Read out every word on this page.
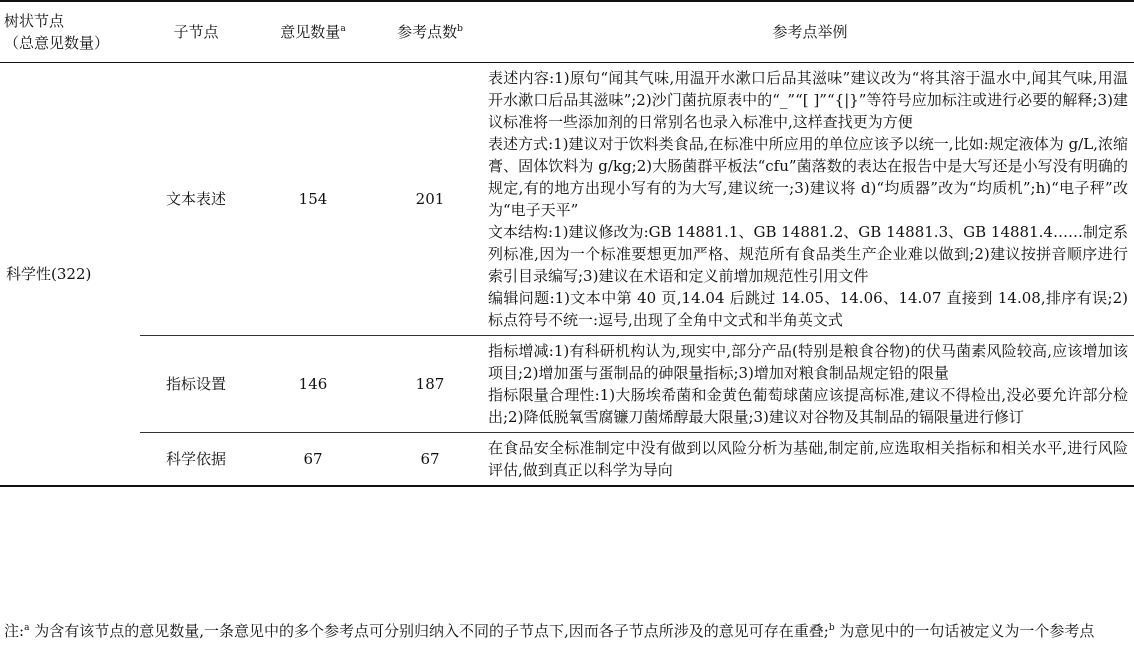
树状节点
（总意见数量）	子节点	意见数量$^a$	参考点数$^b$	参考点举例
科学性(322)	文本表述	154	201	表述内容:1)原句“闻其气味,用温开水漱口后品其滋味”建议改为“将其溶于温水中,闻其气味,用温开水漱口后品其滋味”;2)沙门菌抗原表中的“_”“[ ]”“{|}”等符号应加标注或进行必要的解释;3)建议标准将一些添加剂的日常别名也录入标准中,这样查找更为方便

表述方式:1)建议对于饮料类食品,在标准中所应用的单位应该予以统一,比如:规定液体为 g/L,浓缩膏、固体饮料为 g/kg;2)大肠菌群平板法“cfu”菌落数的表达在报告中是大写还是小写没有明确的规定,有的地方出现小写有的为大写,建议统一;3)建议将 d)“均质器”改为“均质机”;h)“电子秤”改为“电子天平”

文本结构:1)建议修改为:GB 14881.1、GB 14881.2、GB 14881.3、GB 14881.4……制定系列标准,因为一个标准要想更加严格、规范所有食品类生产企业难以做到;2)建议按拼音顺序进行索引目录编写;3)建议在术语和定义前增加规范性引用文件

编辑问题:1)文本中第 40 页,14.04 后跳过 14.05、14.06、14.07 直接到 14.08,排序有误;2)标点符号不统一:逗号,出现了全角中文式和半角英文式

	指标设置	146	187	指标增减:1)有科研机构认为,现实中,部分产品(特别是粮食谷物)的伏马菌素风险较高,应该增加该项目;2)增加蛋与蛋制品的砷限量指标;3)增加对粮食制品规定铅的限量

指标限量合理性:1)大肠埃希菌和金黄色葡萄球菌应该提高标准,建议不得检出,没必要允许部分检出;2)降低脱氧雪腐镰刀菌烯醇最大限量;3)建议对谷物及其制品的镉限量进行修订

	科学依据	67	67	在食品安全标准制定中没有做到以风险分析为基础,制定前,应选取相关指标和相关水平,进行风险评估,做到真正以科学为导向

注:$^a$ 为含有该节点的意见数量,一条意见中的多个参考点可分别归纳入不同的子节点下,因而各子节点所涉及的意见可存在重叠;$^b$ 为意见中的一句话被定义为一个参考点
